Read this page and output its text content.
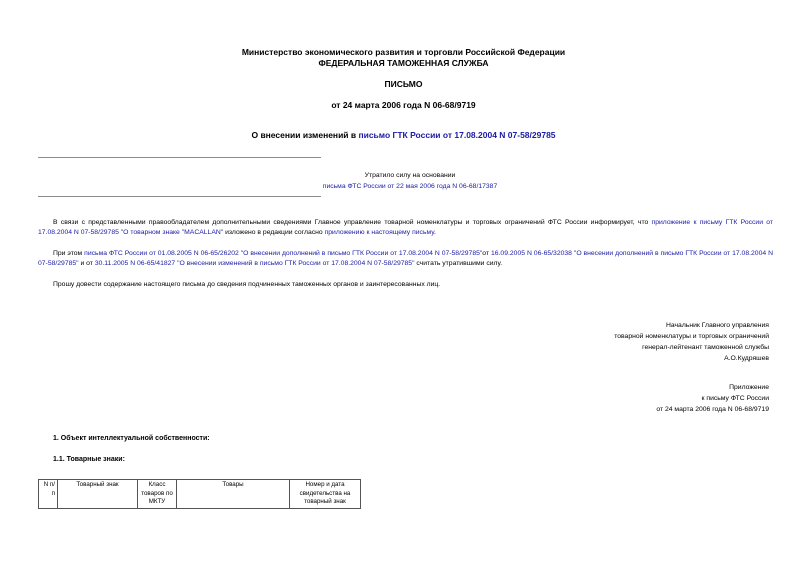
Министерство экономического развития и торговли Российской Федерации
ФЕДЕРАЛЬНАЯ ТАМОЖЕННАЯ СЛУЖБА
ПИСЬМО
от 24 марта 2006 года N 06-68/9719
О внесении изменений в письмо ГТК России от 17.08.2004 N 07-58/29785
Утратило силу на основании
письма ФТС России от 22 мая 2006 года N 06-68/17387
В связи с представленными правообладателем дополнительными сведениями Главное управление товарной номенклатуры и торговых ограничений ФТС России информирует, что приложение к письму ГТК России от 17.08.2004 N 07-58/29785 "О товарном знаке "MACALLAN" изложено в редакции согласно приложению к настоящему письму.
При этом письма ФТС России от 01.08.2005 N 06-65/26202 "О внесении дополнений в письмо ГТК России от 17.08.2004 N 07-58/29785"от 16.09.2005 N 06-65/32038 "О внесении дополнений в письмо ГТК России от 17.08.2004 N 07-58/29785" и от 30.11.2005 N 06-65/41827 "О внесении изменений в письмо ГТК России от 17.08.2004 N 07-58/29785" считать утратившими силу.
Прошу довести содержание настоящего письма до сведения подчиненных таможенных органов и заинтересованных лиц.
Начальник Главного управления
товарной номенклатуры и торговых ограничений
генерал-лейтенант таможенной службы
А.О.Кудряшев
Приложение
к письму ФТС России
от 24 марта 2006 года N 06-68/9719
1. Объект интеллектуальной собственности:
1.1. Товарные знаки:
N п/п	Товарный знак	Класс товаров по МКТУ	Товары	Номер и дата свидетельства на товарный знак
